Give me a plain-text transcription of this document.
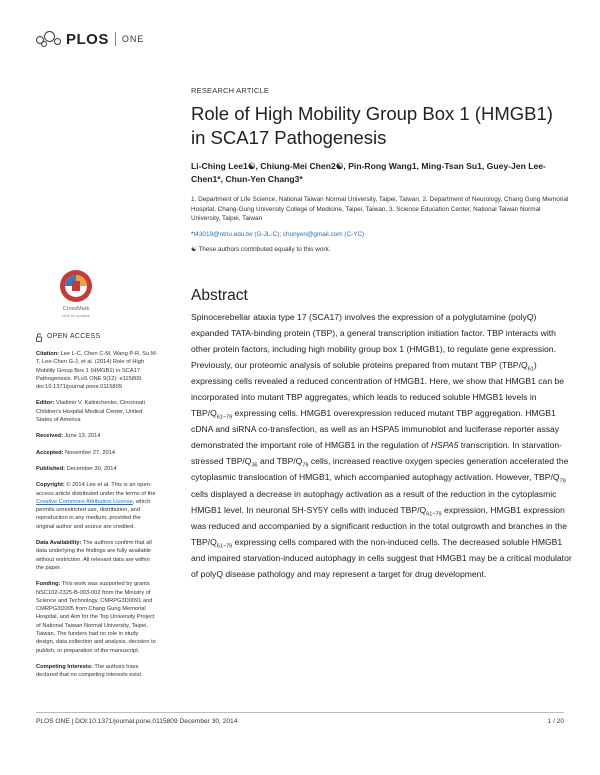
PLOS ONE
RESEARCH ARTICLE
Role of High Mobility Group Box 1 (HMGB1) in SCA17 Pathogenesis
Li-Ching Lee1☯, Chiung-Mei Chen2☯, Pin-Rong Wang1, Ming-Tsan Su1, Guey-Jen Lee-Chen1*, Chun-Yen Chang3*
1. Department of Life Science, National Taiwan Normal University, Taipei, Taiwan, 2. Department of Neurology, Chang Gung Memorial Hospital, Chang-Gung University College of Medicine, Taipei, Taiwan, 3. Science Education Center, National Taiwan Normal University, Taipei, Taiwan
*t43019@ntnu.edu.tw (G-JL-C); chunyen@gmail.com (C-YC)
☯ These authors contributed equally to this work.
CrossMark
click for updates
Abstract

Spinocerebellar ataxia type 17 (SCA17) involves the expression of a polyglutamine (polyQ) expanded TATA-binding protein (TBP), a general transcription initiation factor. TBP interacts with other protein factors, including high mobility group box 1 (HMGB1), to regulate gene expression. Previously, our proteomic analysis of soluble proteins prepared from mutant TBP $(TBP/Q_{61})$ expressing cells revealed a reduced concentration of HMGB1. Here, we show that HMGB1 can be incorporated into mutant TBP aggregates, which leads to reduced soluble HMGB1 levels in TBP/$Q_{61\sim 79}$ expressing cells. HMGB1 overexpression reduced mutant TBP aggregation. HMGB1 cDNA and siRNA co-transfection, as well as an HSPA5 immunoblot and luciferase reporter assay demonstrated the important role of HMGB1 in the regulation of HSPA5 transcription. In starvation-stressed TBP/$Q_{36}$ and TBP/$Q_{79}$ cells, increased reactive oxygen species generation accelerated the cytoplasmic translocation of HMGB1, which accompanied autophagy activation. However, TBP/$Q_{79}$ cells displayed a decrease in autophagy activation as a result of the reduction in the cytoplasmic HMGB1 level. In neuronal SH-SY5Y cells with induced TBP/$Q_{61\sim 79}$ expression, HMGB1 expression was reduced and accompanied by a significant reduction in the total outgrowth and branches in the TBP/$Q_{61\sim 79}$ expressing cells compared with the non-induced cells. The decreased soluble HMGB1 and impaired starvation-induced autophagy in cells suggest that HMGB1 may be a critical modulator of polyQ disease pathology and may represent a target for drug development.

OPEN ACCESS

Citation: Lee L-C, Chen C-M, Wang P-R, Su M-T, Lee-Chen G-J, et al. (2014) Role of High Mobility Group Box 1 (HMGB1) in SCA17 Pathogenesis. PLoS ONE 9(12): e115809. doi:10.1371/journal.pone.0115809

Editor: Vladimir V. Kalinichenko, Cincinnati Children's Hospital Medical Center, United States of America

Received: June 13, 2014

Accepted: November 27, 2014

Published: December 30, 2014

Copyright: © 2014 Lee et al. This is an open-access article distributed under the terms of the Creative Commons Attribution License, which permits unrestricted use, distribution, and reproduction in any medium, provided the original author and source are credited.

Data Availability: The authors confirm that all data underlying the findings are fully available without restriction. All relevant data are within the paper.

Funding: This work was supported by grants NSC102-2325-B-003-002 from the Ministry of Science and Technology, CMRPG3D0091 and CMRPG3D005 from Chang Gung Memorial Hospital, and Aim for the Top University Project of National Taiwan Normal University, Taipei, Taiwan. The funders had no role in study design, data collection and analysis, decision to publish, or preparation of the manuscript.

Competing Interests: The authors have declared that no competing interests exist.

PLOS ONE | DOI:10.1371/journal.pone.0115809 December 30, 2014	1 / 20
